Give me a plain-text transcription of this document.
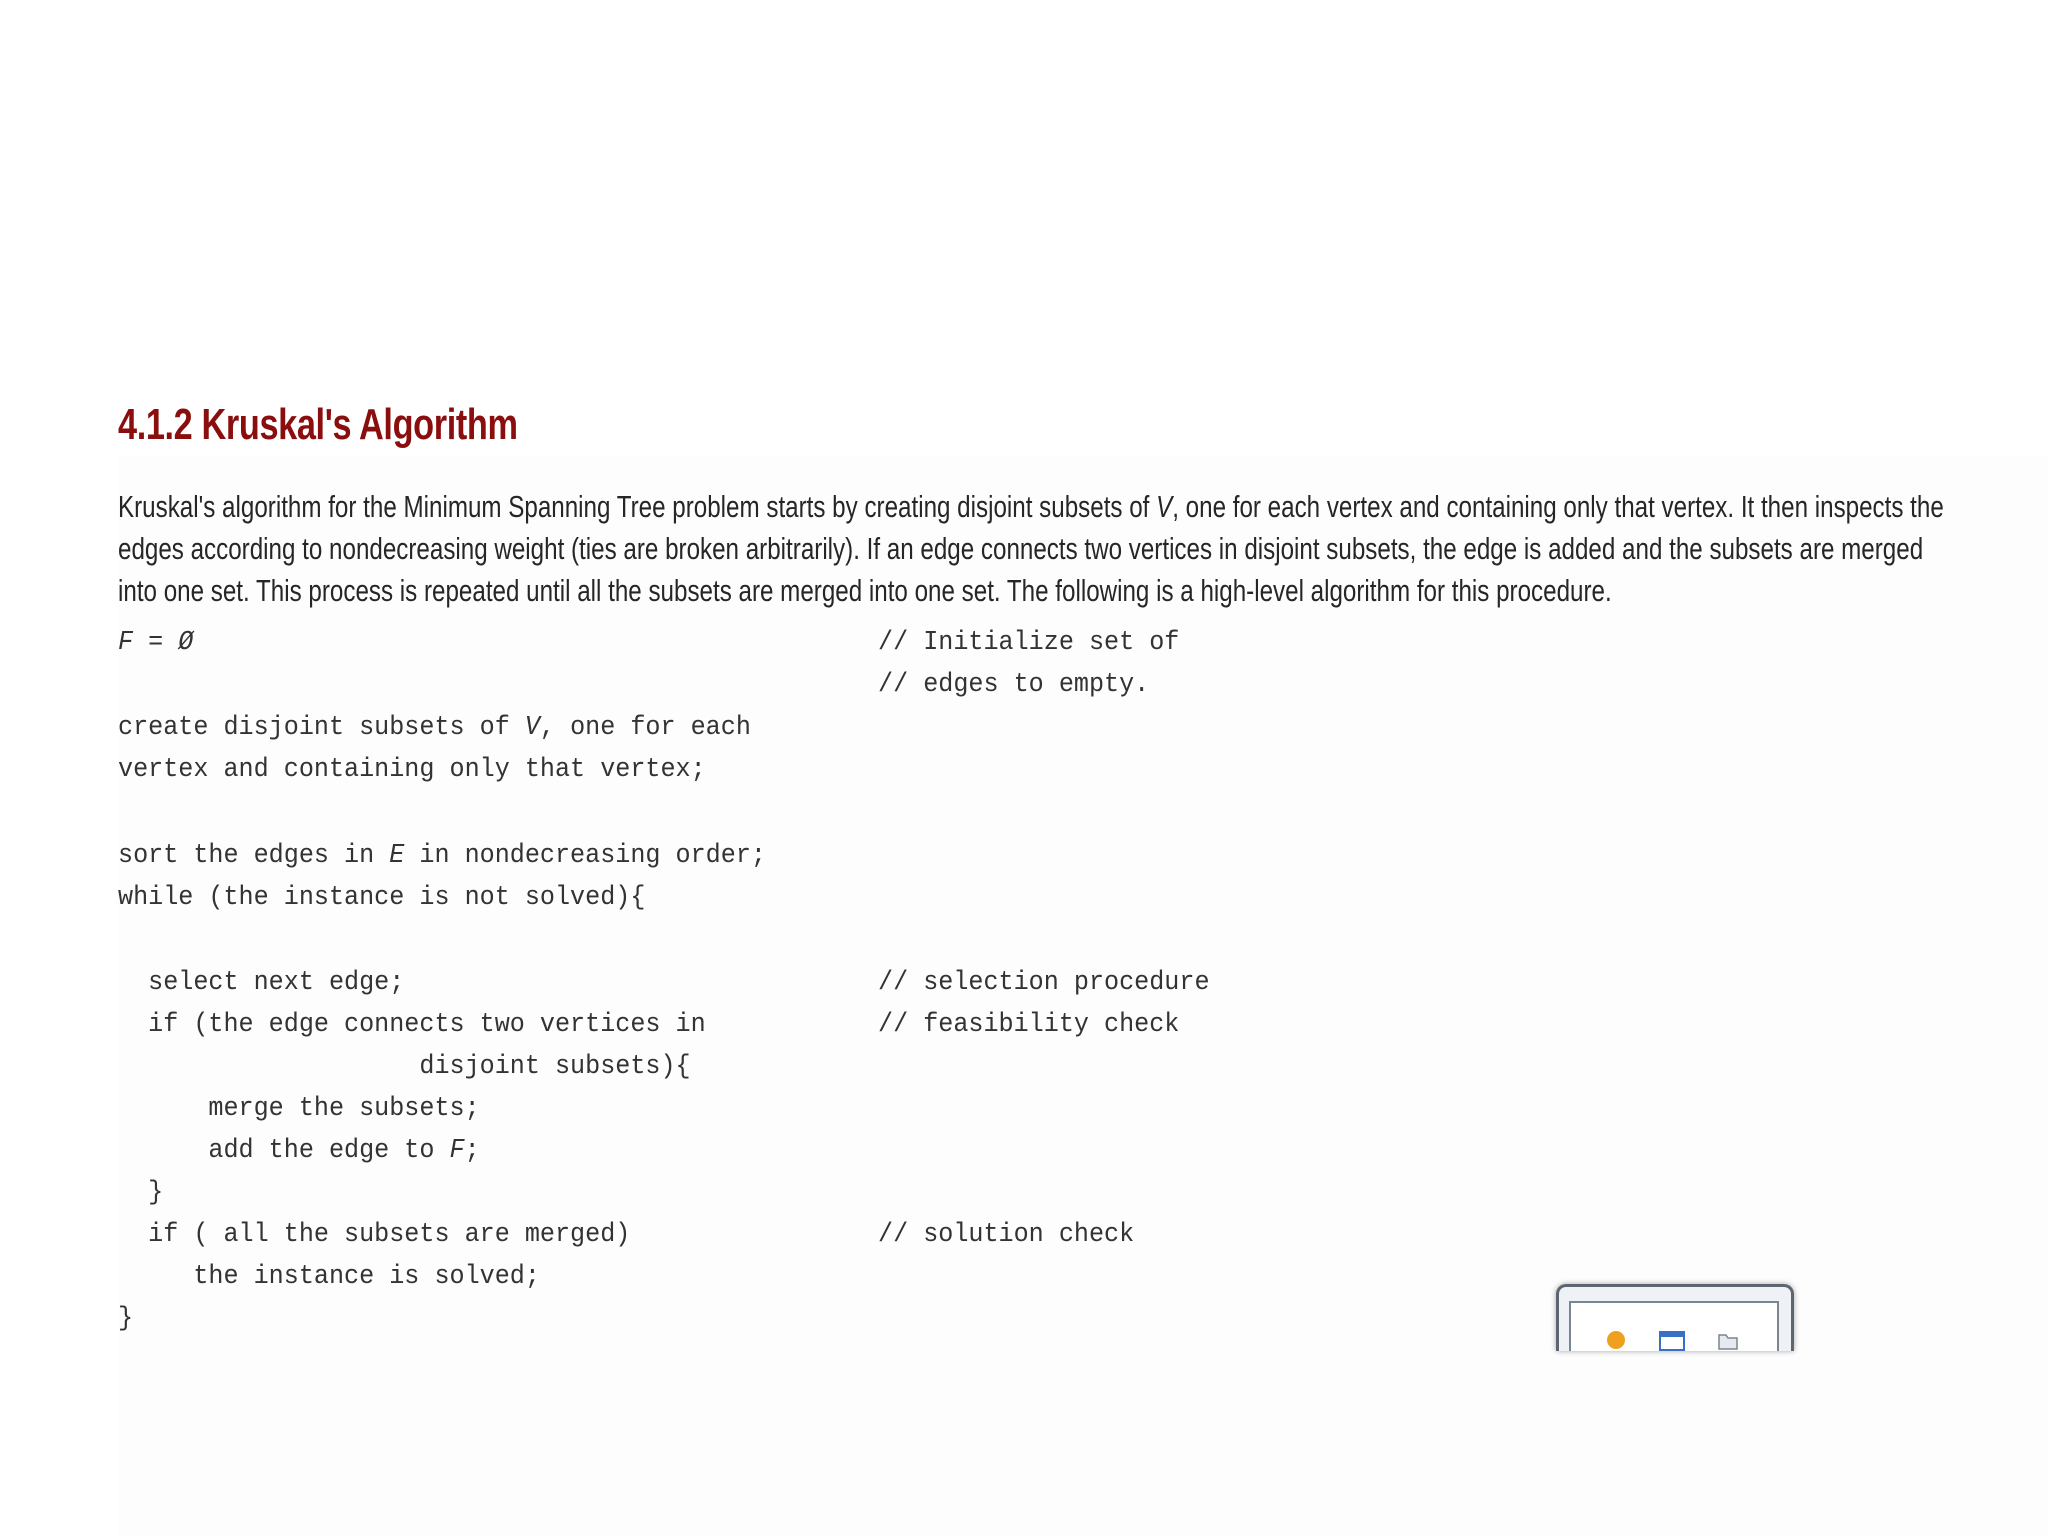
4.1.2 Kruskal's Algorithm

Kruskal's algorithm for the Minimum Spanning Tree problem starts by creating disjoint subsets of V, one for each vertex and containing only that vertex. It then inspects the edges according to nondecreasing weight (ties are broken arbitrarily). If an edge connects two vertices in disjoint subsets, the edge is added and the subsets are merged into one set. This process is repeated until all the subsets are merged into one set. The following is a high-level algorithm for this procedure.

F = Ø
create disjoint subsets of V, one for each
vertex and containing only that vertex;
sort the edges in E in nondecreasing order;
while (the instance is not solved){
select next edge;
if (the edge connects two vertices in
disjoint subsets){
merge the subsets;
add the edge to F;
}
if ( all the subsets are merged)
the instance is solved;
}
// Initialize set of
// edges to empty.
// selection procedure
// feasibility check
// solution check
